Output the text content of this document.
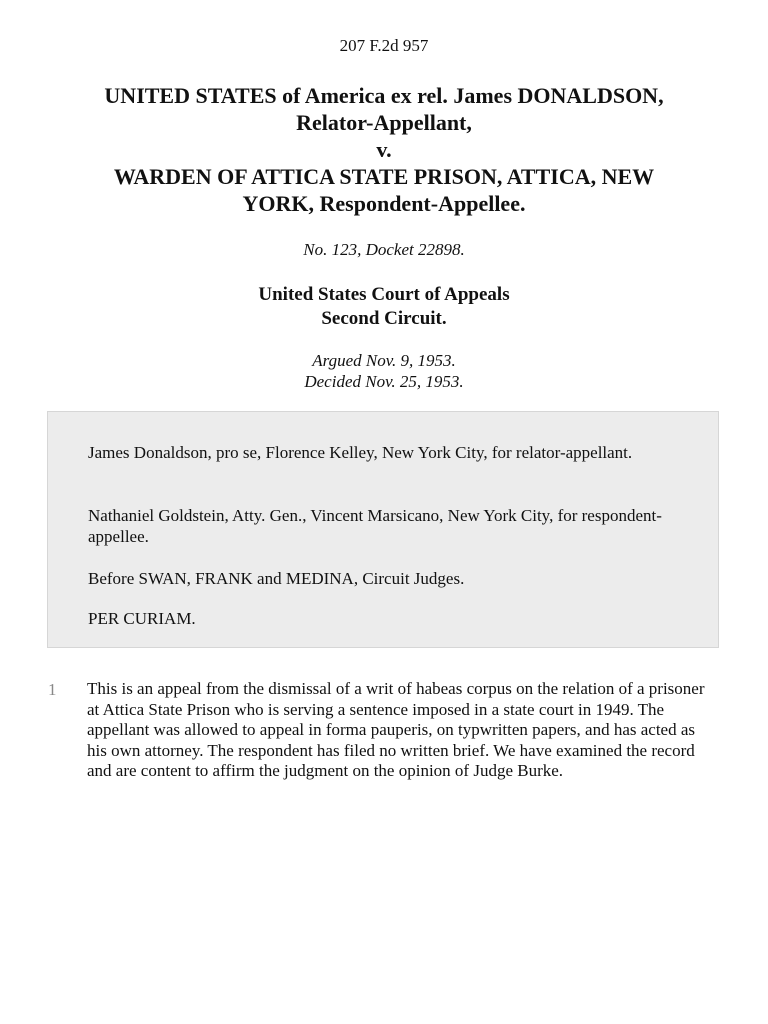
207 F.2d 957
UNITED STATES of America ex rel. James DONALDSON,
Relator-Appellant,
v.
WARDEN OF ATTICA STATE PRISON, ATTICA, NEW
YORK, Respondent-Appellee.
No. 123, Docket 22898.
United States Court of Appeals
Second Circuit.
Argued Nov. 9, 1953.
Decided Nov. 25, 1953.

James Donaldson, pro se, Florence Kelley, New York City, for relator-appellant.

Nathaniel Goldstein, Atty. Gen., Vincent Marsicano, New York City, for respondent-appellee.

Before SWAN, FRANK and MEDINA, Circuit Judges.

PER CURIAM.

1 This is an appeal from the dismissal of a writ of habeas corpus on the relation of a prisoner at Attica State Prison who is serving a sentence imposed in a state court in 1949. The appellant was allowed to appeal in forma pauperis, on typwritten papers, and has acted as his own attorney. The respondent has filed no written brief. We have examined the record and are content to affirm the judgment on the opinion of Judge Burke.
